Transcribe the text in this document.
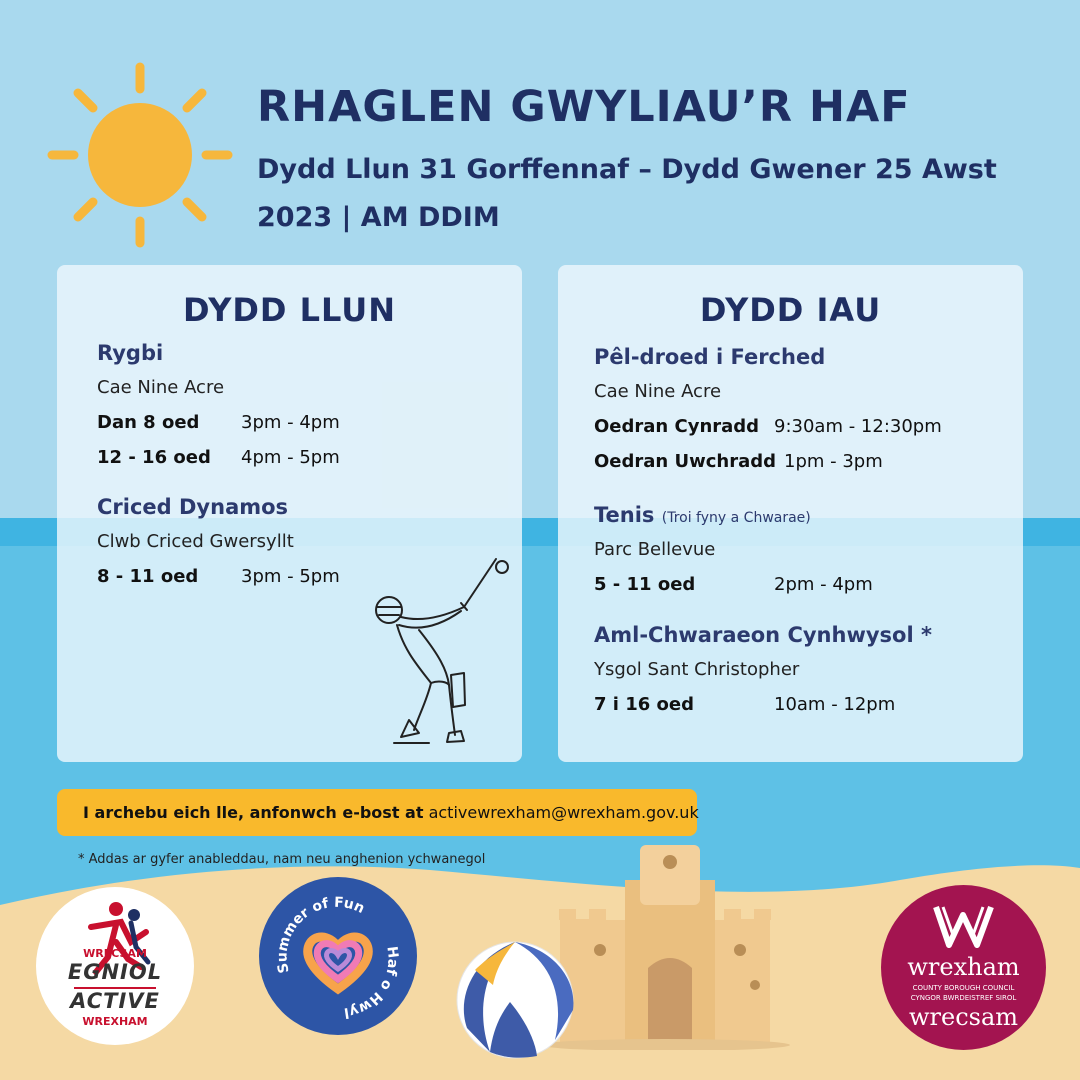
RHAGLEN GWYLIAU’R HAF

Dydd Llun 31 Gorffennaf – Dydd Gwener 25 Awst 2023 | AM DDIM

DYDD LLUN

Rygbi

Cae Nine Acre

Dan 8 oed 3pm - 4pm
12 - 16 oed 4pm - 5pm

Criced Dynamos

Clwb Criced Gwersyllt

8 - 11 oed 3pm - 5pm
DYDD IAU

Pêl-droed i Ferched

Cae Nine Acre

Oedran Cynradd 9:30am - 12:30pm
Oedran Uwchradd 1pm - 3pm

Tenis (Troi fyny a Chwarae)

Parc Bellevue

5 - 11 oed	2pm - 4pm

Aml-Chwaraeon Cynhwysol *

Ysgol Sant Christopher

7 i 16 oed	10am - 12pm
I archebu eich lle, anfonwch e-bost at activewrexham@wrexham.gov.uk

* Addas ar gyfer anableddau, nam neu anghenion ychwanegol

WRECSAM
EGNIOL
ACTIVE
WREXHAM
Summer of Fun
Haf o Hwyl
wrexham
COUNTY BOROUGH COUNCIL
CYNGOR BWRDEISTREF SIROL
wrecsam
